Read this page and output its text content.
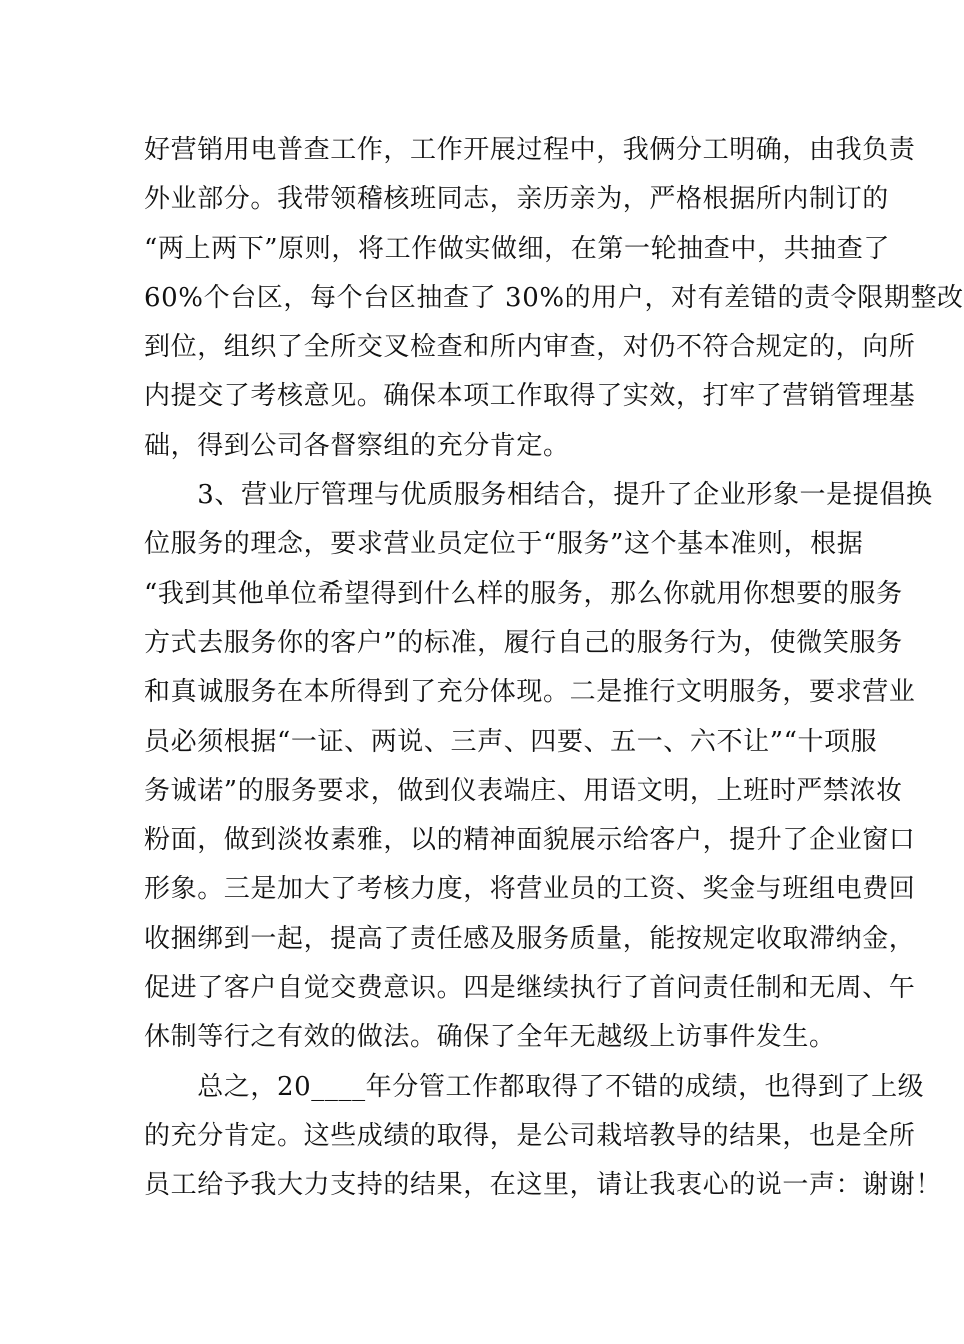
好营销用电普查工作，工作开展过程中，我俩分工明确，由我负责
外业部分。我带领稽核班同志，亲历亲为，严格根据所内制订的
“两上两下”原则，将工作做实做细，在第一轮抽查中，共抽查了
60%个台区，每个台区抽查了 30%的用户，对有差错的责令限期整改
到位，组织了全所交叉检查和所内审查，对仍不符合规定的，向所
内提交了考核意见。确保本项工作取得了实效，打牢了营销管理基
础，得到公司各督察组的充分肯定。
　　3、营业厅管理与优质服务相结合，提升了企业形象一是提倡换
位服务的理念，要求营业员定位于“服务”这个基本准则，根据
“我到其他单位希望得到什么样的服务，那么你就用你想要的服务
方式去服务你的客户”的标准，履行自己的服务行为，使微笑服务
和真诚服务在本所得到了充分体现。二是推行文明服务，要求营业
员必须根据“一证、两说、三声、四要、五一、六不让”“十项服
务诚诺”的服务要求，做到仪表端庄、用语文明，上班时严禁浓妆
粉面，做到淡妆素雅，以的精神面貌展示给客户，提升了企业窗口
形象。三是加大了考核力度，将营业员的工资、奖金与班组电费回
收捆绑到一起，提高了责任感及服务质量，能按规定收取滞纳金，
促进了客户自觉交费意识。四是继续执行了首问责任制和无周、午
休制等行之有效的做法。确保了全年无越级上访事件发生。
　　总之，20____年分管工作都取得了不错的成绩，也得到了上级
的充分肯定。这些成绩的取得，是公司栽培教导的结果，也是全所
员工给予我大力支持的结果，在这里，请让我衷心的说一声：谢谢！
